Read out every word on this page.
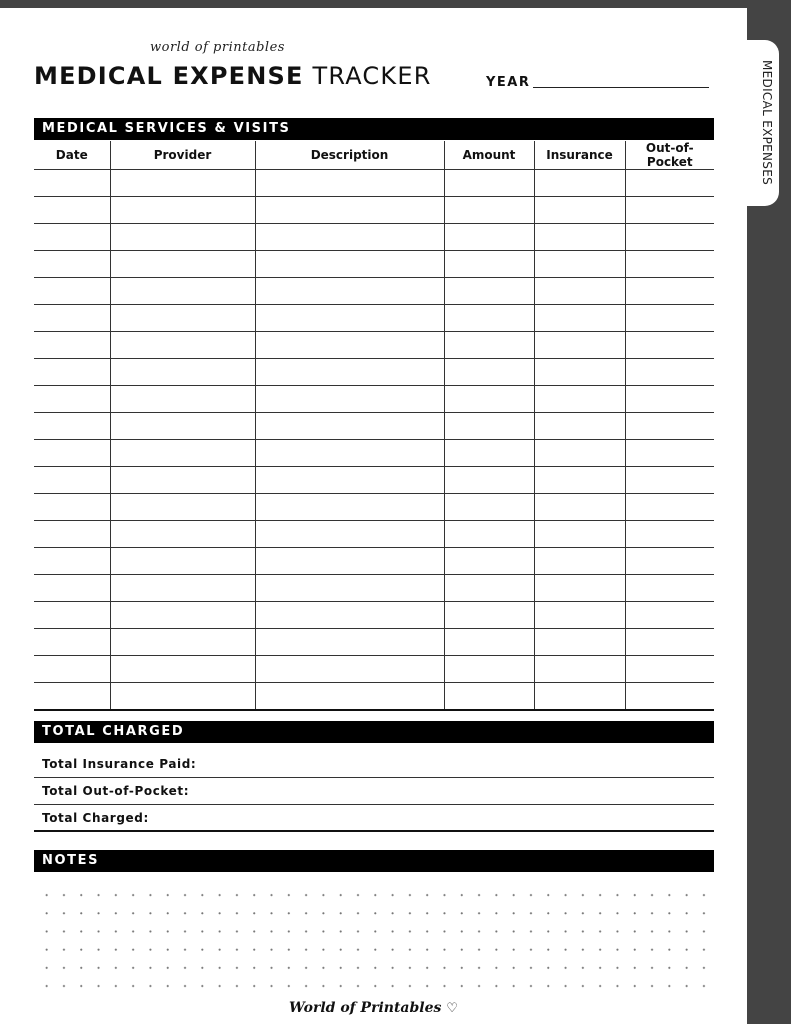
world of printables
MEDICAL EXPENSE TRACKER	YEAR
MEDICAL SERVICES & VISITS
Date	Provider	Description	Amount	Insurance	Out-of-Pocket

TOTAL CHARGED
Total Insurance Paid:
Total Out-of-Pocket:
Total Charged:
NOTES
World of Printables ♡
MEDICAL EXPENSES
